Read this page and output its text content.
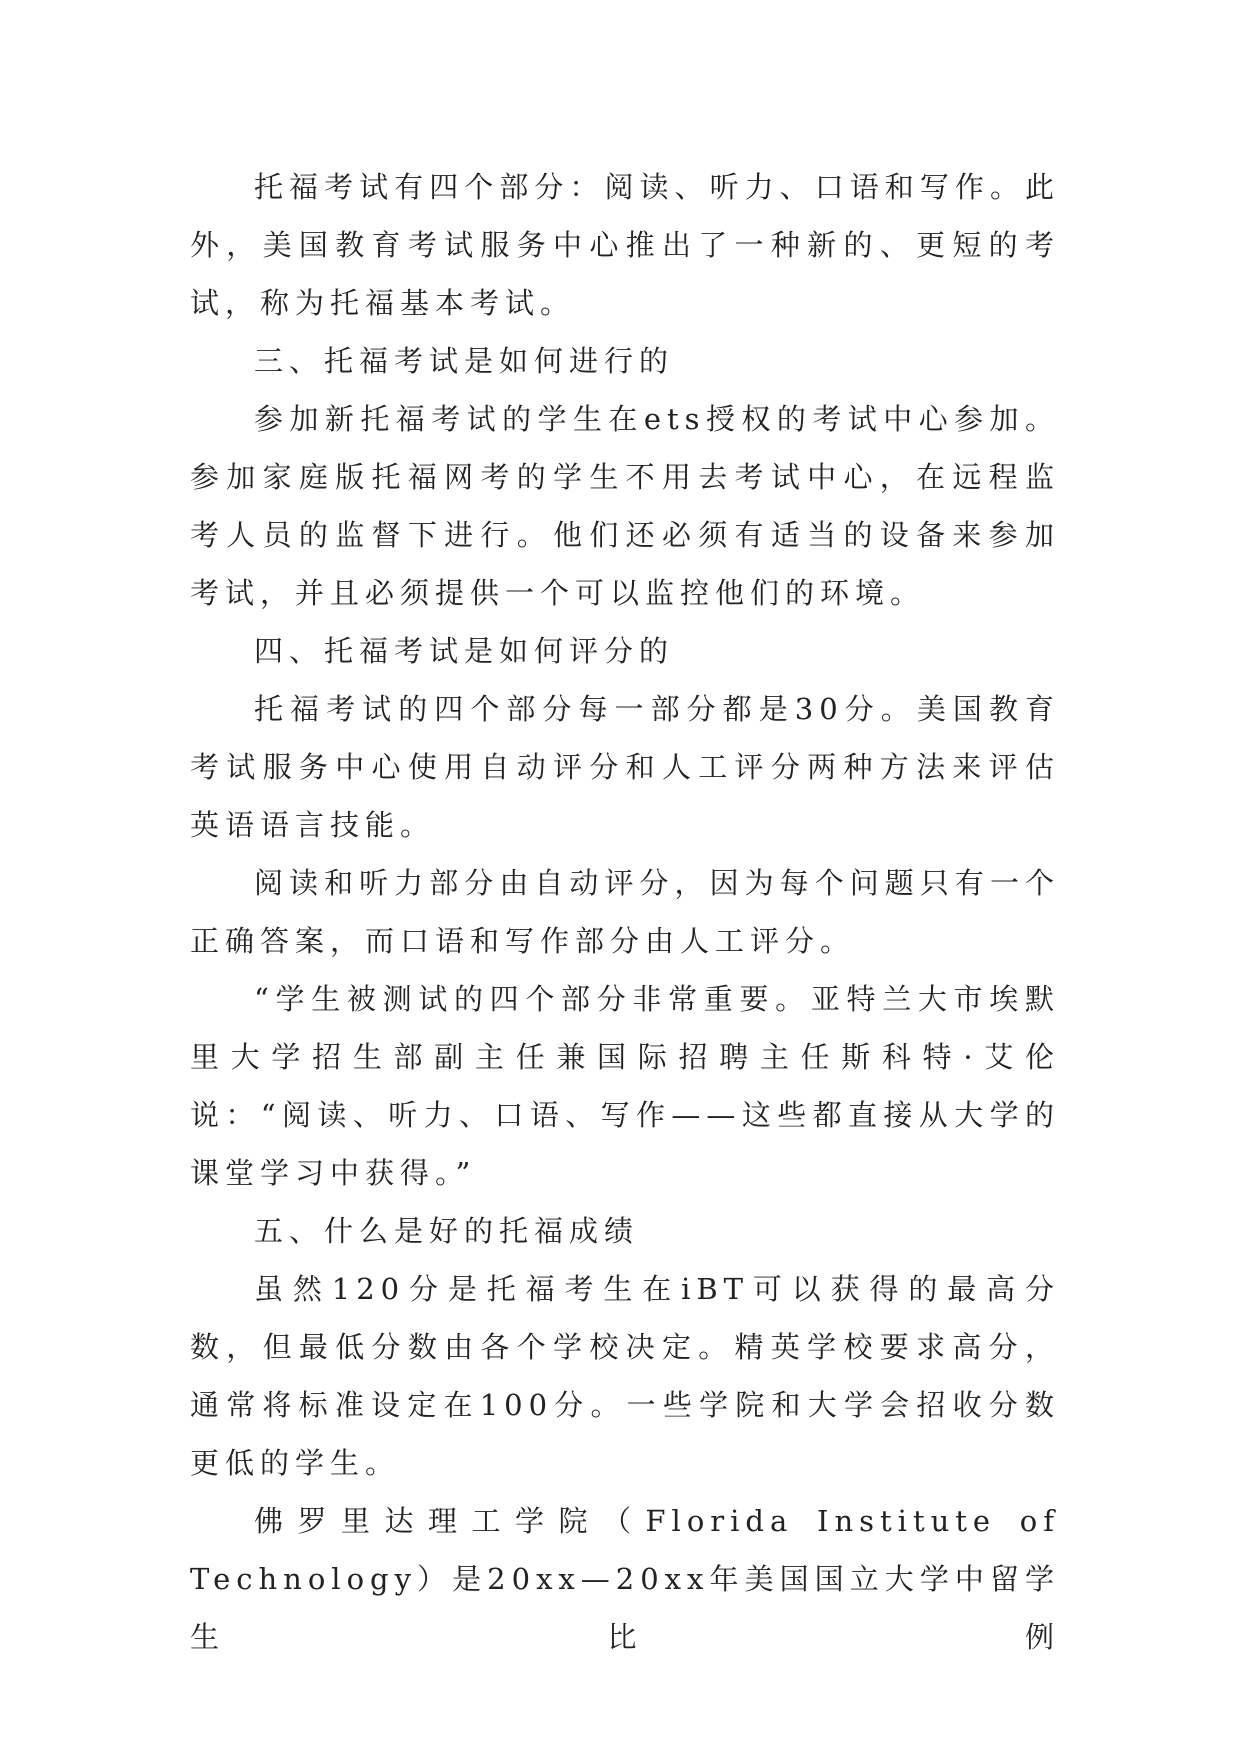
托福考试有四个部分：阅读、听力、口语和写作。此外，美国教育考试服务中心推出了一种新的、更短的考试，称为托福基本考试。

三、托福考试是如何进行的

参加新托福考试的学生在ets授权的考试中心参加。参加家庭版托福网考的学生不用去考试中心，在远程监考人员的监督下进行。他们还必须有适当的设备来参加考试，并且必须提供一个可以监控他们的环境。

四、托福考试是如何评分的

托福考试的四个部分每一部分都是30分。美国教育考试服务中心使用自动评分和人工评分两种方法来评估英语语言技能。

阅读和听力部分由自动评分，因为每个问题只有一个正确答案，而口语和写作部分由人工评分。

“学生被测试的四个部分非常重要。亚特兰大市埃默里大学招生部副主任兼国际招聘主任斯科特·艾伦说：“阅读、听力、口语、写作——这些都直接从大学的课堂学习中获得。”

五、什么是好的托福成绩

虽然120分是托福考生在iBT可以获得的最高分数，但最低分数由各个学校决定。精英学校要求高分，通常将标准设定在100分。一些学院和大学会招收分数更低的学生。

佛罗里达理工学院（Florida Institute of Technology）是20xx—20xx年美国国立大学中留学生比例
